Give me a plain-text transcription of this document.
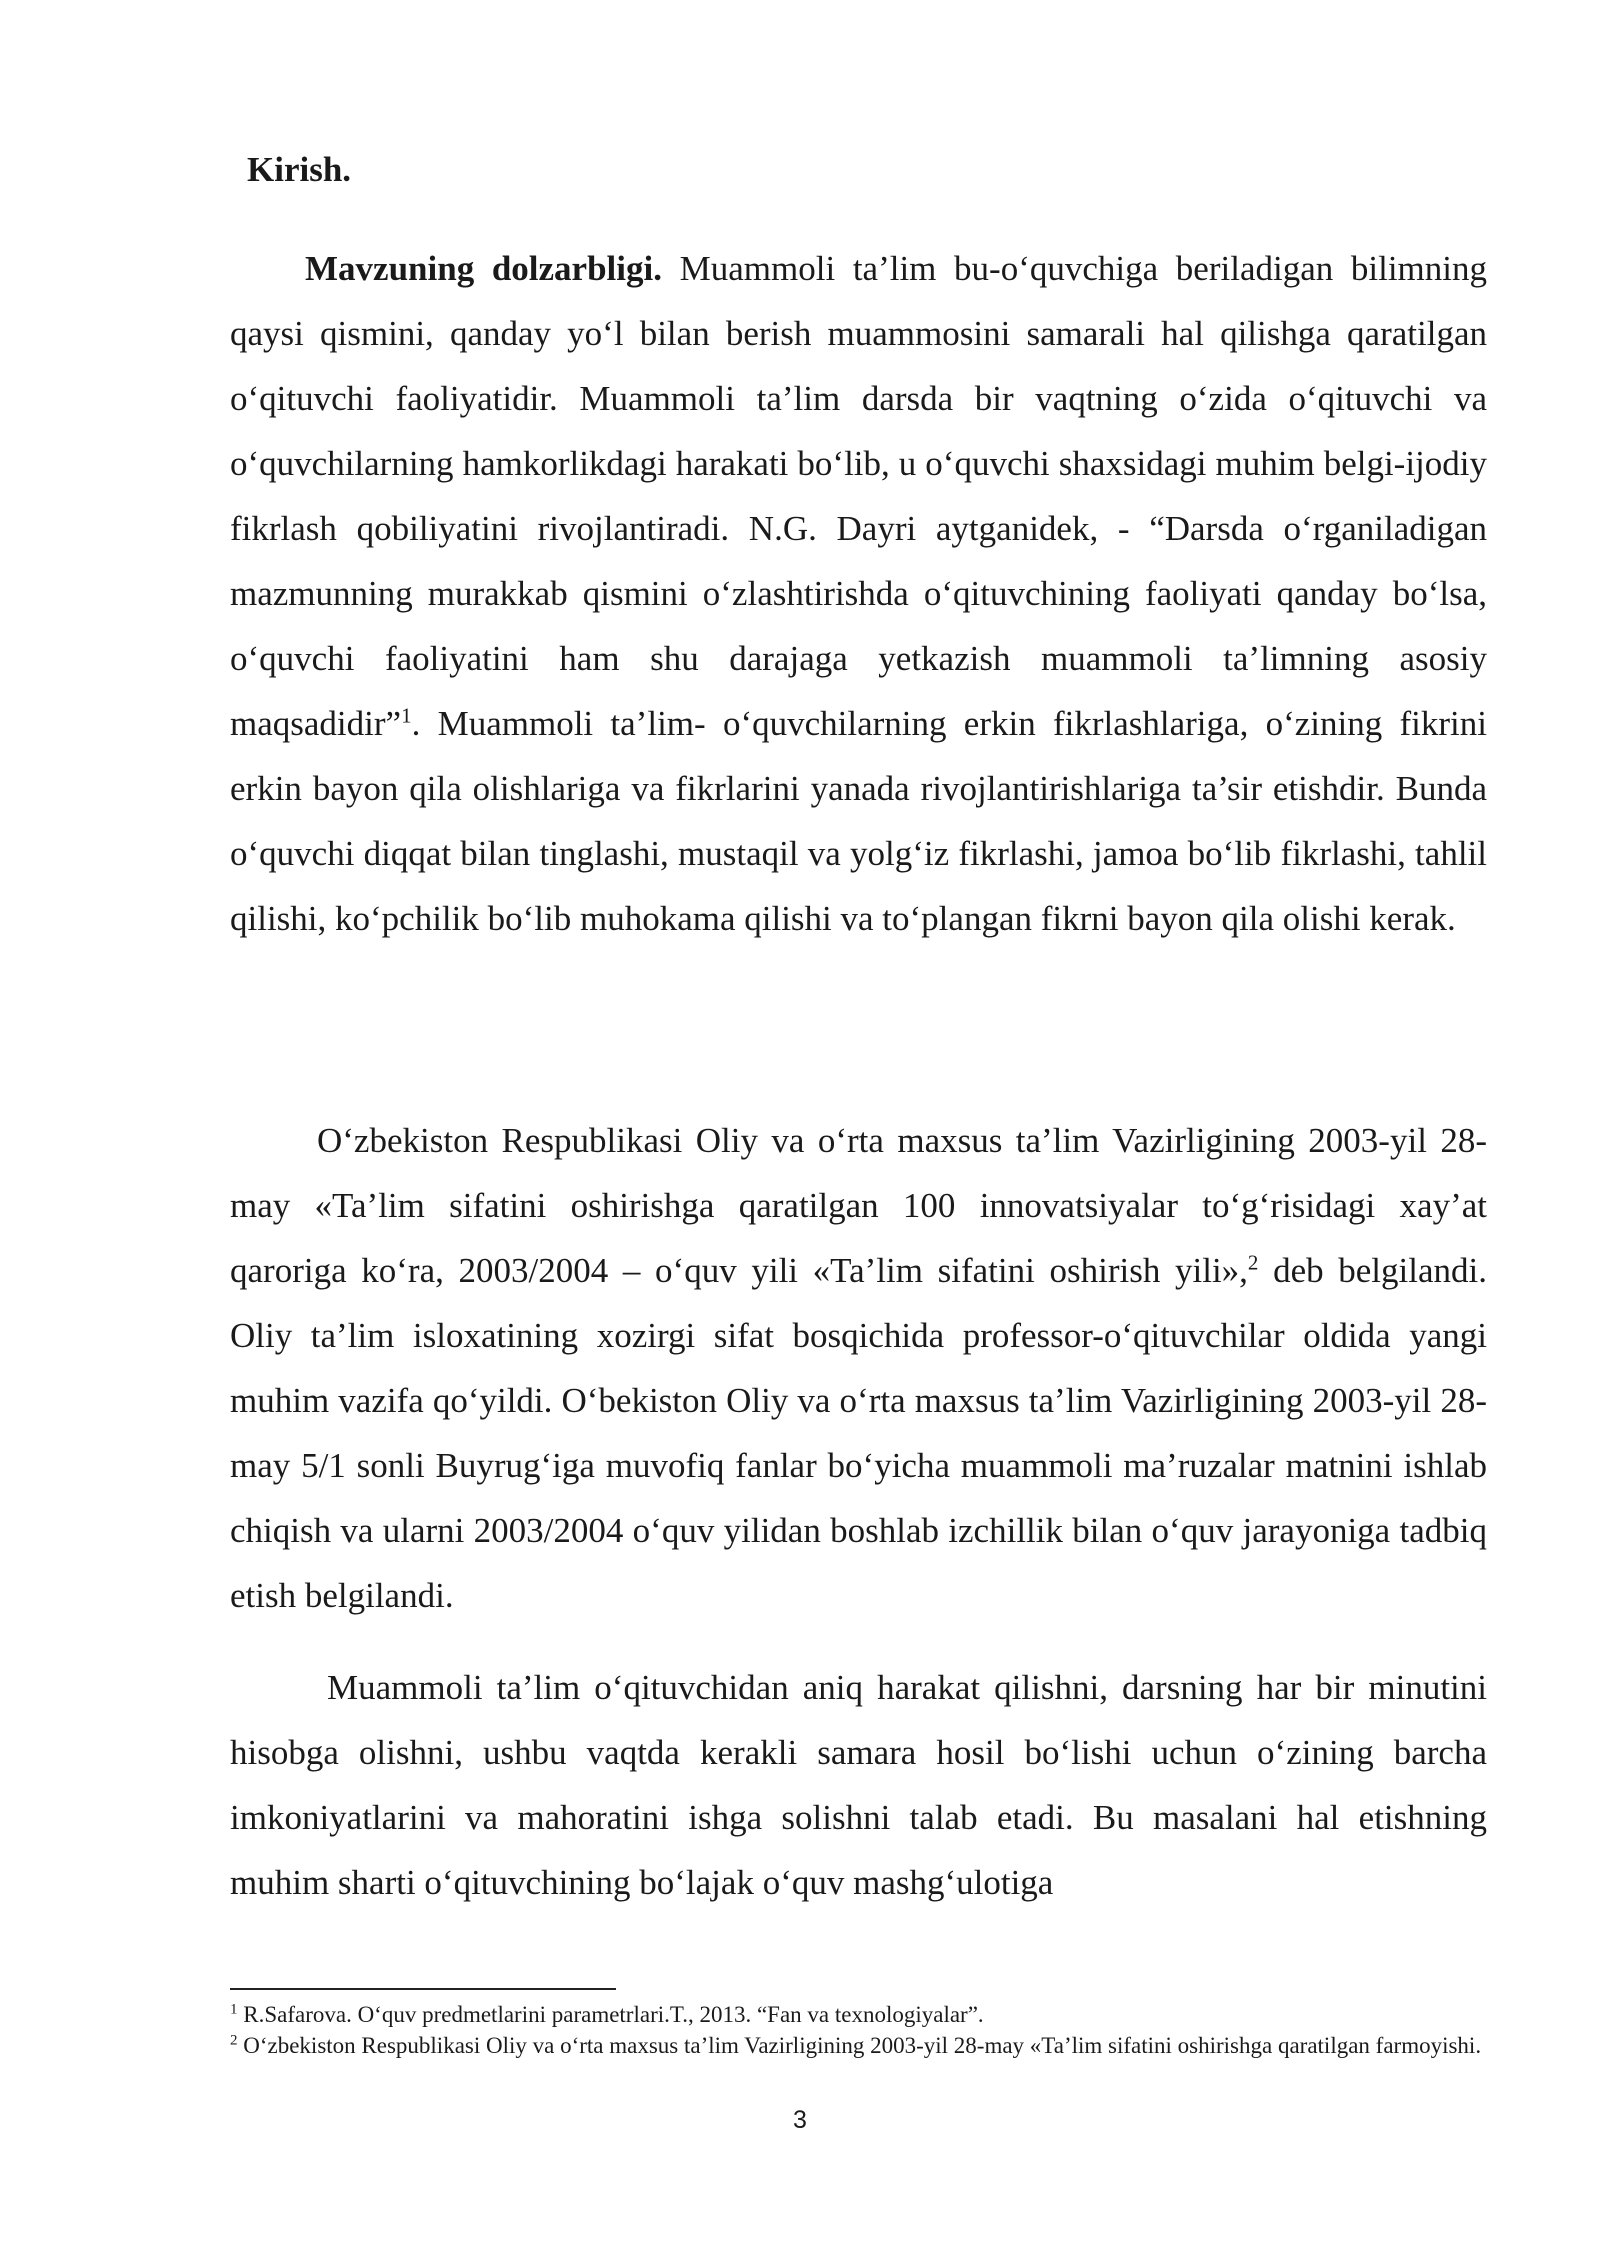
Kirish.

Mavzuning dolzarbligi. Muammoli ta’lim bu-o‘quvchiga beriladigan bilimning qaysi qismini, qanday yo‘l bilan berish muammosini samarali hal qilishga qaratilgan o‘qituvchi faoliyatidir. Muammoli ta’lim darsda bir vaqtning o‘zida o‘qituvchi va o‘quvchilarning hamkorlikdagi harakati bo‘lib, u o‘quvchi shaxsidagi muhim belgi-ijodiy fikrlash qobiliyatini rivojlantiradi. N.G. Dayri aytganidek, - “Darsda o‘rganiladigan mazmunning murakkab qismini o‘zlashtirishda o‘qituvchining faoliyati qanday bo‘lsa, o‘quvchi faoliyatini ham shu darajaga yetkazish muammoli ta’limning asosiy maqsadidir”$^1$. Muammoli ta’lim- o‘quvchilarning erkin fikrlashlariga, o‘zining fikrini erkin bayon qila olishlariga va fikrlarini yanada rivojlantirishlariga ta’sir etishdir. Bunda o‘quvchi diqqat bilan tinglashi, mustaqil va yolg‘iz fikrlashi, jamoa bo‘lib fikrlashi, tahlil qilishi, ko‘pchilik bo‘lib muhokama qilishi va to‘plangan fikrni bayon qila olishi kerak.

O‘zbekiston Respublikasi Oliy va o‘rta maxsus ta’lim Vazirligining 2003-yil 28-may «Ta’lim sifatini oshirishga qaratilgan 100 innovatsiyalar to‘g‘risidagi xay’at qaroriga ko‘ra, 2003/2004 – o‘quv yili «Ta’lim sifatini oshirish yili»,$^2$ deb belgilandi. Oliy ta’lim isloxatining xozirgi sifat bosqichida professor-o‘qituvchilar oldida yangi muhim vazifa qo‘yildi. O‘bekiston Oliy va o‘rta maxsus ta’lim Vazirligining 2003-yil 28-may 5/1 sonli Buyrug‘iga muvofiq fanlar bo‘yicha muammoli ma’ruzalar matnini ishlab chiqish va ularni 2003/2004 o‘quv yilidan boshlab izchillik bilan o‘quv jarayoniga tadbiq etish belgilandi.

Muammoli ta’lim o‘qituvchidan aniq harakat qilishni, darsning har bir minutini hisobga olishni, ushbu vaqtda kerakli samara hosil bo‘lishi uchun o‘zining barcha imkoniyatlarini va mahoratini ishga solishni talab etadi. Bu masalani hal etishning muhim sharti o‘qituvchining bo‘lajak o‘quv mashg‘ulotiga

$^1$ R.Safarova. O‘quv predmetlarini parametrlari.T., 2013. “Fan va texnologiyalar”.

$^2$ O‘zbekiston Respublikasi Oliy va o‘rta maxsus ta’lim Vazirligining 2003-yil 28-may «Ta’lim sifatini oshirishga qaratilgan farmoyishi.

3
